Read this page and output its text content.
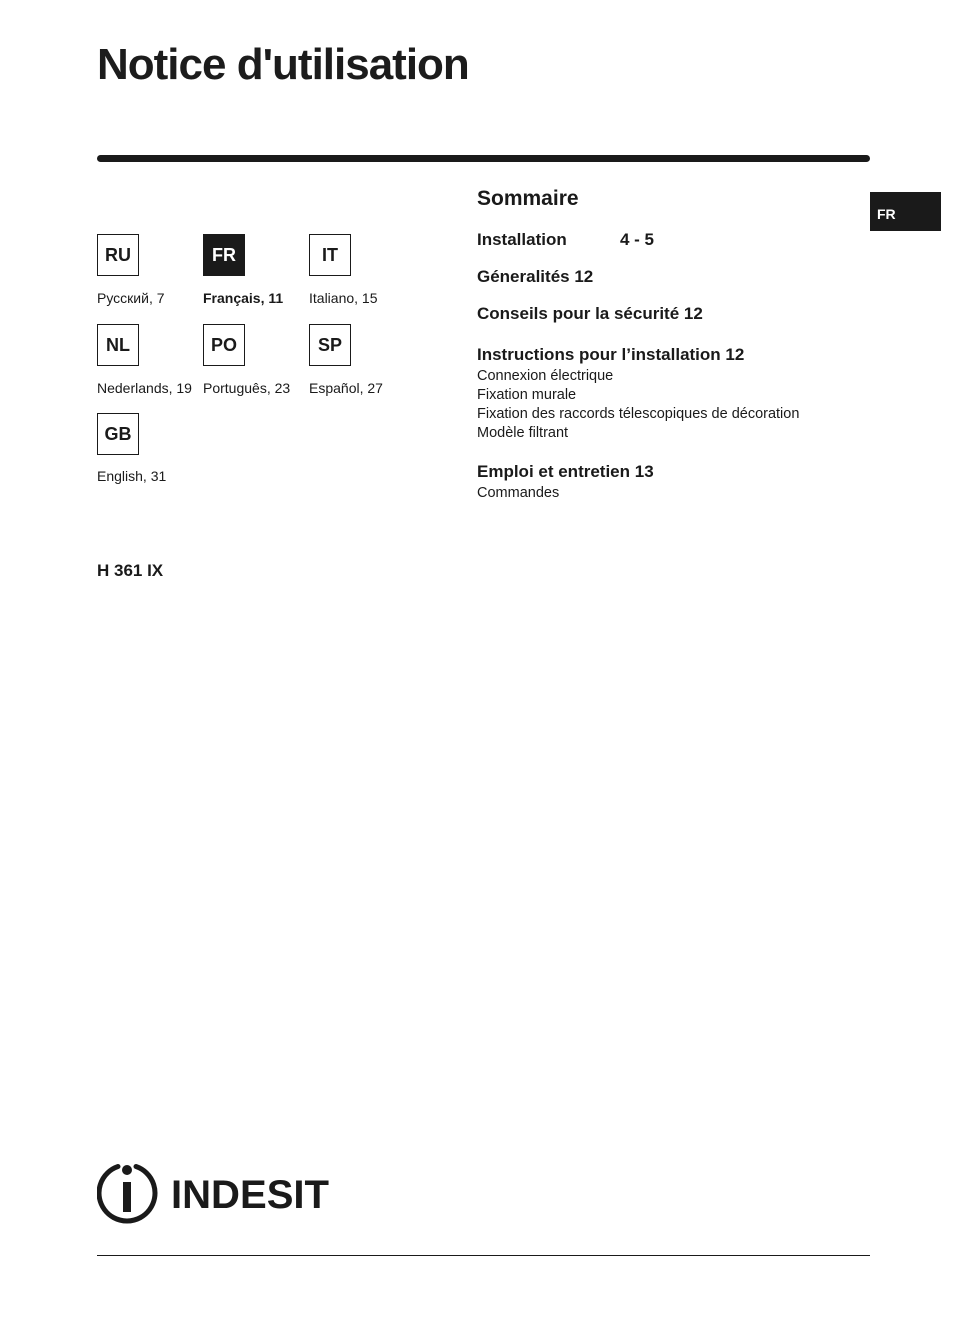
Notice d'utilisation
FR
RU
Русский, 7
FR
Français, 11
IT
Italiano, 15
NL
Nederlands, 19
PO
Português, 23
SP
Español, 27
GB
English, 31
H 361 IX
Sommaire
Installation	4 - 5
Géneralités 12
Conseils pour la sécurité 12
Instructions pour l’installation 12
Connexion électrique
Fixation murale
Fixation des raccords télescopiques de décoration
Modèle filtrant
Emploi et entretien 13
Commandes
INDESIT
